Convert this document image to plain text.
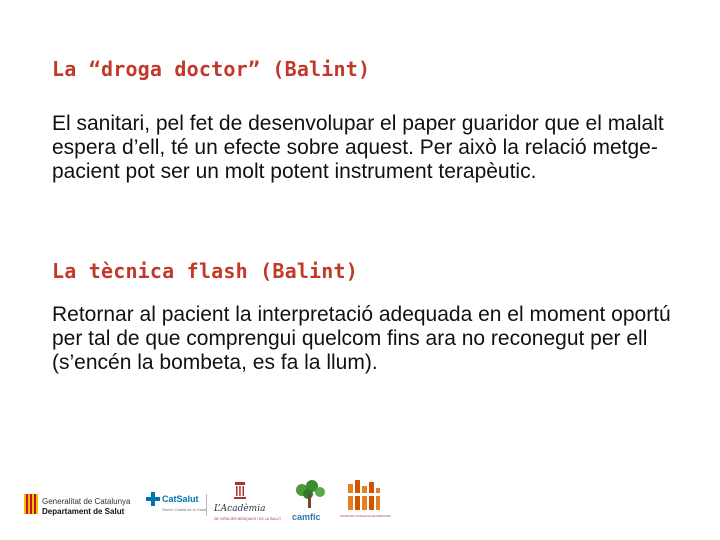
La “droga doctor” (Balint)

El sanitari, pel fet de desenvolupar el paper guaridor que el malalt espera d’ell, té un efecte sobre aquest. Per això la relació metge-pacient pot ser un molt potent instrument terapèutic.

La tècnica flash (Balint)

Retornar al pacient la interpretació adequada en el moment oportú per tal de que comprengui quelcom fins ara no reconegut per ell (s’encén la bombeta, es fa la llum).

Generalitat de Catalunya
Departament de Salut
CatSalut
Servei Català de la Salut L’Acadèmia
DE CIÈNCIES MÈDIQUES I DE LA SALUT camfic	SOCIETAT CATALANA DE MEDICINA
